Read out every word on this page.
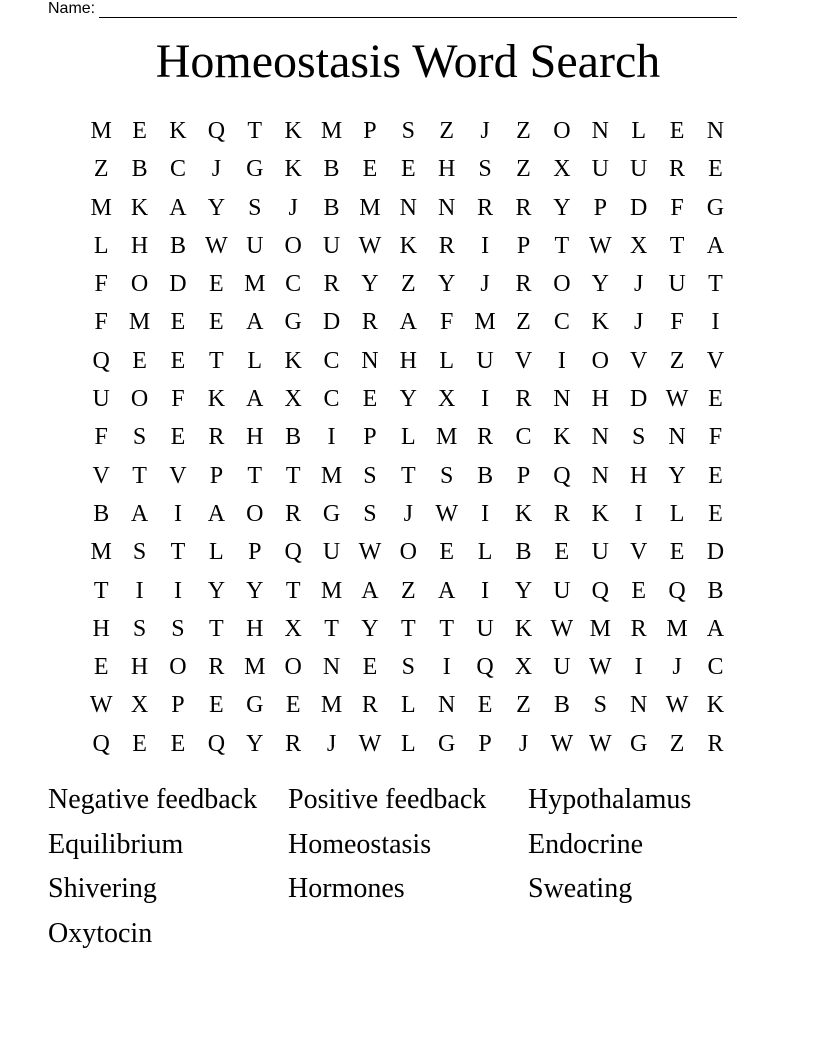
Name:
Homeostasis Word Search
M E K Q T K M P	S	Z	J	Z O N L E N
Z B C	J	G K B E E H S	Z X U U R E
M K A Y S	J	B M N N R R Y P D F G
L H B W U O U W K R	I	P	T W X T A
F O D E M C R Y Z Y	J	R O Y	J	U T
F M E E A G D R A F M Z C K	J	F	I
Q E E T L K C N H L U V	I	O V Z V
U O F K A X C E Y X	I	R N H D W E
F	S	E R H B	I	P	L M R C K N S N F
V T V P	T T M S	T	S B P Q N H Y E
B A	I	A O R G S	J W I	K R K	I	L E
M S	T L	P Q U W O E L B E U V E D
T	I	I	Y Y T M A Z A	I	Y U Q E Q B
H S	S	T H X T Y T T U K W M R M A
E H O R M O N E	S	I	Q X U W I	J	C
W X P	E G E M R L N E Z B S N W K
Q E E Q Y R	J W L G P	J W W G Z R
Negative feedback	Positive feedback	Hypothalamus
Equilibrium	Homeostasis	Endocrine
Shivering	Hormones	Sweating
Oxytocin
